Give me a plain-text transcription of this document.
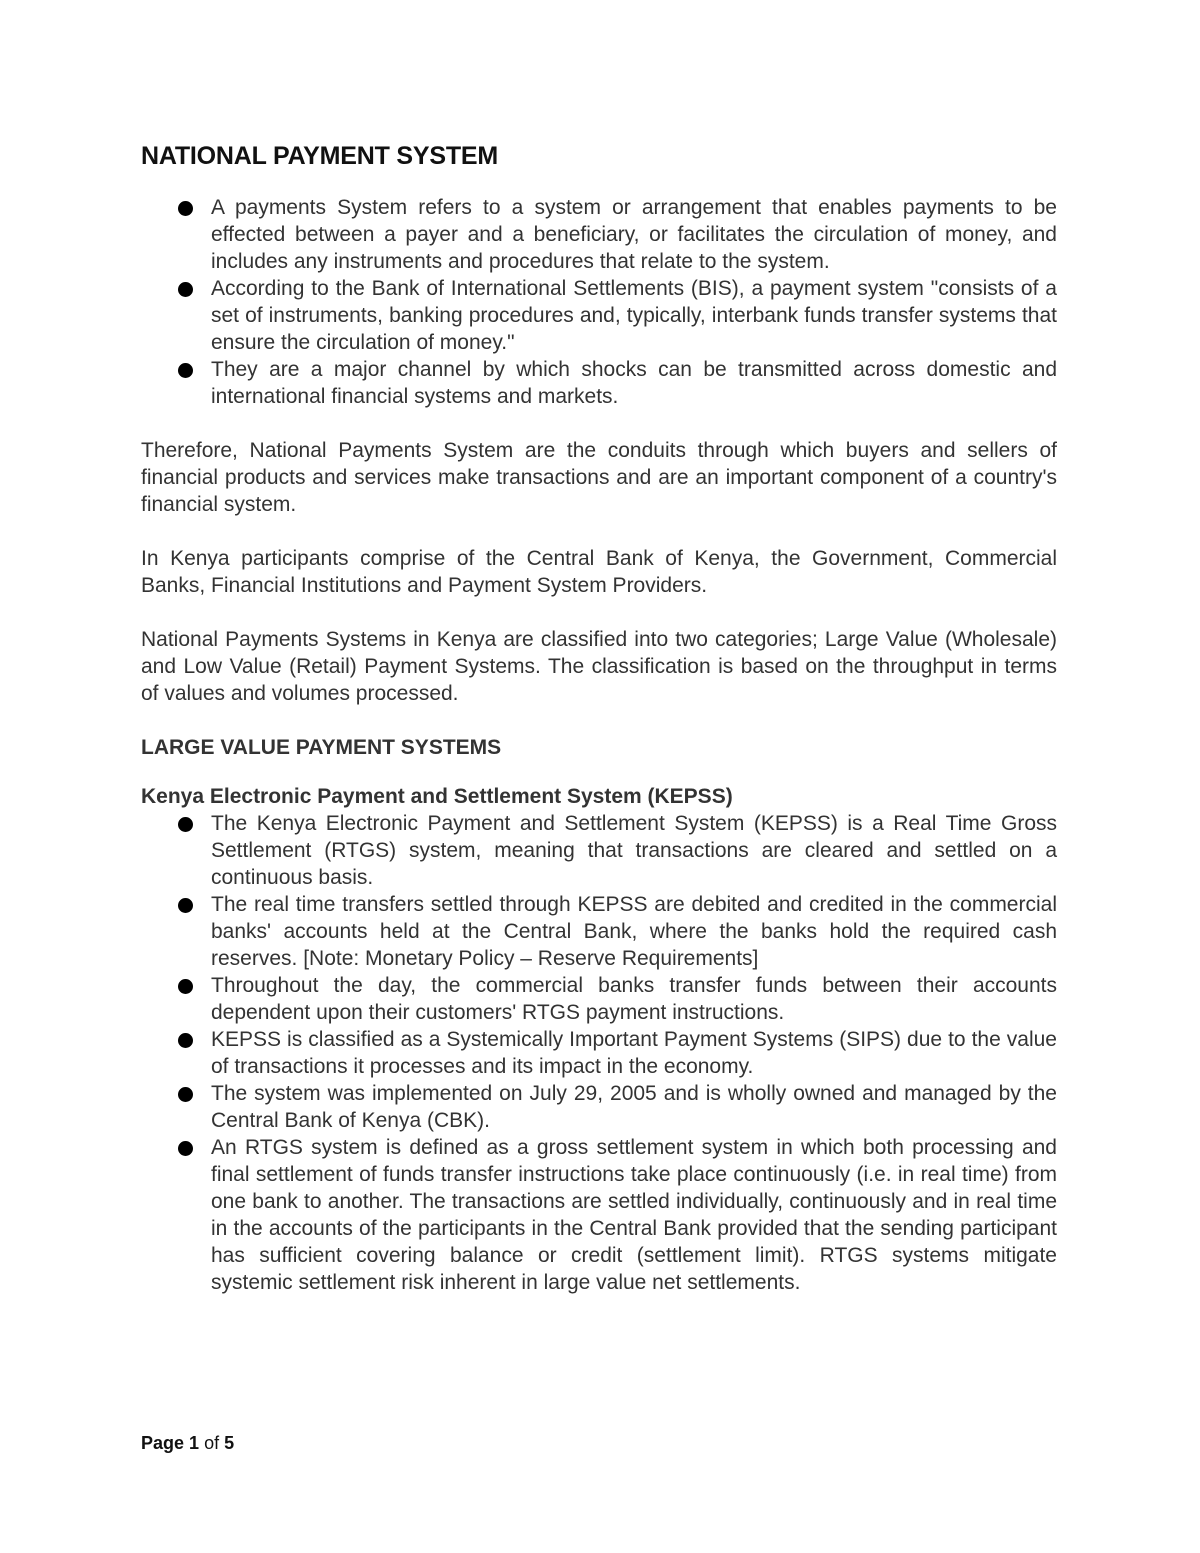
NATIONAL PAYMENT SYSTEM
A payments System refers to a system or arrangement that enables payments to be effected between a payer and a beneficiary, or facilitates the circulation of money, and includes any instruments and procedures that relate to the system.
According to the Bank of International Settlements (BIS), a payment system "consists of a set of instruments, banking procedures and, typically, interbank funds transfer systems that ensure the circulation of money."
They are a major channel by which shocks can be transmitted across domestic and international financial systems and markets.

Therefore, National Payments System are the conduits through which buyers and sellers of financial products and services make transactions and are an important component of a country's financial system.

In Kenya participants comprise of the Central Bank of Kenya, the Government, Commercial Banks, Financial Institutions and Payment System Providers.

National Payments Systems in Kenya are classified into two categories; Large Value (Wholesale) and Low Value (Retail) Payment Systems. The classification is based on the throughput in terms of values and volumes processed.

LARGE VALUE PAYMENT SYSTEMS
Kenya Electronic Payment and Settlement System (KEPSS)
The Kenya Electronic Payment and Settlement System (KEPSS) is a Real Time Gross Settlement (RTGS) system, meaning that transactions are cleared and settled on a continuous basis.
The real time transfers settled through KEPSS are debited and credited in the commercial banks' accounts held at the Central Bank, where the banks hold the required cash reserves. [Note: Monetary Policy – Reserve Requirements]
Throughout the day, the commercial banks transfer funds between their accounts dependent upon their customers' RTGS payment instructions.
KEPSS is classified as a Systemically Important Payment Systems (SIPS) due to the value of transactions it processes and its impact in the economy.
The system was implemented on July 29, 2005 and is wholly owned and managed by the Central Bank of Kenya (CBK).
An RTGS system is defined as a gross settlement system in which both processing and final settlement of funds transfer instructions take place continuously (i.e. in real time) from one bank to another. The transactions are settled individually, continuously and in real time in the accounts of the participants in the Central Bank provided that the sending participant has sufficient covering balance or credit (settlement limit). RTGS systems mitigate systemic settlement risk inherent in large value net settlements.
Page 1 of 5
